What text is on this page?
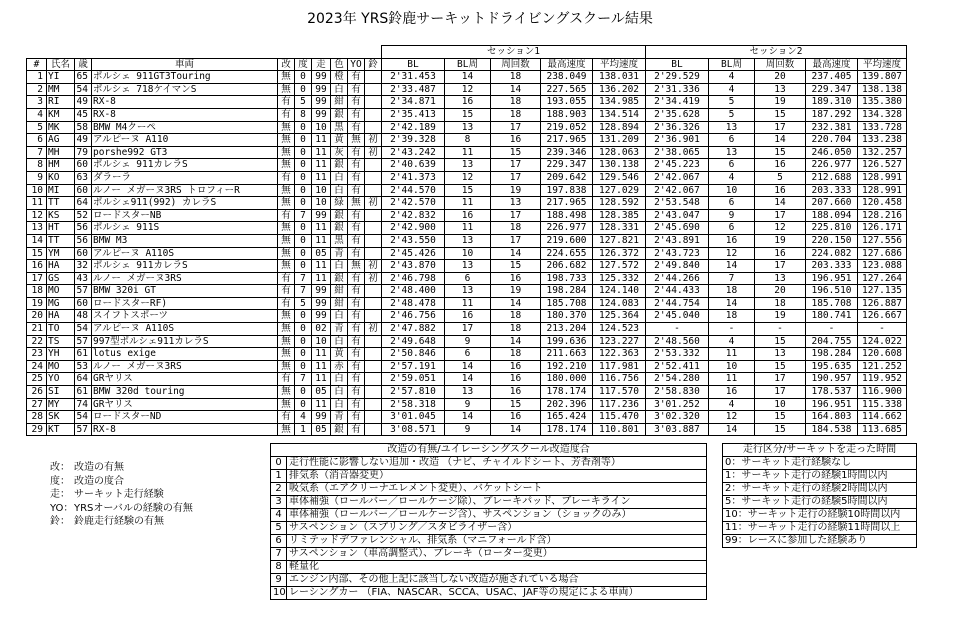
2023年 YRS鈴鹿サーキットドライビングスクール結果
										セッション1					セッション2				
#	氏名	歳	車両	改	度	走	色	YO	鈴	BL	BL周	周回数	最高速度	平均速度	BL	BL周	周回数	最高速度	平均速度
1	YI	65	ポルシェ 911GT3Touring	無	0	99	橙	有		2'31.453	14	18	238.049	138.031	2'29.529	4	20	237.405	139.807
2	MM	54	ポルシェ 718ケイマンS	無	0	99	白	有		2'33.487	12	14	227.565	136.202	2'31.336	4	13	229.347	138.138
3	RI	49	RX-8	有	5	99	紺	有		2'34.871	16	18	193.055	134.985	2'34.419	5	19	189.310	135.380
4	KM	45	RX-8	有	8	99	銀	有		2'35.413	15	18	188.903	134.514	2'35.628	5	15	187.292	134.328
5	MK	58	BMW M4クーペ	無	0	10	黒	有		2'42.189	13	17	219.052	128.894	2'36.326	13	17	232.381	133.728
6	AG	49	アルピーヌ A110	無	0	11	黄	無	初	2'39.328	8	16	217.965	131.209	2'36.901	6	14	220.704	133.238
7	MH	79	porshe992 GT3	無	0	11	灰	有	初	2'43.242	11	15	239.346	128.063	2'38.065	13	15	246.050	132.257
8	HM	60	ポルシェ 911カレラS	無	0	11	銀	有		2'40.639	13	17	229.347	130.138	2'45.223	6	16	226.977	126.527
9	KO	63	ダラーラ	有	0	11	白	有		2'41.373	12	17	209.642	129.546	2'42.067	4	5	212.688	128.991
10	MI	60	ルノー メガーヌ3RS トロフィーR	無	0	10	白	有		2'44.570	15	19	197.838	127.029	2'42.067	10	16	203.333	128.991
11	TT	64	ポルシェ911(992) カレラS	無	0	10	緑	無	初	2'42.570	11	13	217.965	128.592	2'53.548	6	14	207.660	120.458
12	KS	52	ロードスターNB	有	7	99	銀	有		2'42.832	16	17	188.498	128.385	2'43.047	9	17	188.094	128.216
13	HT	56	ポルシェ 911S	無	0	11	銀	有		2'42.900	11	18	226.977	128.331	2'45.690	6	12	225.810	126.171
14	TT	56	BMW M3	無	0	11	黒	有		2'43.550	13	17	219.600	127.821	2'43.891	16	19	220.150	127.556
15	YM	60	アルピーヌ A110S	無	0	05	青	有		2'45.426	10	14	224.655	126.372	2'43.723	12	16	224.082	127.686
16	HA	32	ポルシェ 911カレラS	無	0	11	白	無	初	2'43.870	13	15	206.682	127.572	2'49.840	14	17	203.333	123.088
17	GS	43	ルノー メガーヌ3RS	有	7	11	銀	有	初	2'46.798	6	16	198.733	125.332	2'44.266	7	13	196.951	127.264
18	MO	57	BMW 320i GT	有	7	99	紺	有		2'48.400	13	19	198.284	124.140	2'44.433	18	20	196.510	127.135
19	MG	60	ロードスターRF)	有	5	99	紺	有		2'48.478	11	14	185.708	124.083	2'44.754	14	18	185.708	126.887
20	HA	48	スイフトスポーツ	無	0	99	白	有		2'46.756	16	18	180.370	125.364	2'45.040	18	19	180.741	126.667
21	TO	54	アルピーヌ A110S	無	0	02	青	有	初	2'47.882	17	18	213.204	124.523	-	-	-	-	-
22	TS	57	997型ポルシェ911カレラS	無	0	10	白	有		2'49.648	9	14	199.636	123.227	2'48.560	4	15	204.755	124.022
23	YH	61	lotus exige	無	0	11	黄	有		2'50.846	6	18	211.663	122.363	2'53.332	11	13	198.284	120.608
24	MO	53	ルノー メガーヌ3RS	無	0	11	赤	有		2'57.191	14	16	192.210	117.981	2'52.411	10	15	195.635	121.252
25	YO	64	GRヤリス	有	7	11	白	有		2'59.051	14	16	180.000	116.756	2'54.280	11	17	190.957	119.952
26	SI	61	BMW 320d touring	無	0	05	白	有		2'57.810	13	16	178.174	117.570	2'58.830	16	17	178.537	116.900
27	MY	74	GRヤリス	無	0	11	白	有		2'58.318	9	15	202.396	117.236	3'01.252	4	10	196.951	115.338
28	SK	54	ロードスターND	有	4	99	青	有		3'01.045	14	16	165.424	115.470	3'02.320	12	15	164.803	114.662
29	KT	57	RX-8	無	1	05	銀	有		3'08.571	9	14	178.174	110.801	3'03.887	14	15	184.538	113.685
改： 改造の有無
度： 改造の度合
走： サーキット走行経験
YO：YRSオーバルの経験の有無
鈴： 鈴鹿走行経験の有無
改造の有無/ユイレーシングスクール改造度合	
0	走行性能に影響しない追加・改造 （ナビ、チャイルドシート、芳香剤等）
1	排気系（消音器変更）
2	吸気系（エアクリーナエレメント変更）、バケットシート
3	車体補強（ロールバー／ロールケージ除）、ブレーキパッド、ブレーキライン
4	車体補強（ロールバー／ロールケージ含）、サスペンション（ショックのみ）
5	サスペンション（スプリング／スタビライザー含）
6	リミテッドデファレンシャル、排気系（マニフォールド含）
7	サスペンション（車高調整式）、ブレーキ（ローター変更）
8	軽量化
9	エンジン内部、その他上記に該当しない改造が施されている場合
10	レーシングカー （FIA、NASCAR、SCCA、USAC、JAF等の規定による車両）
走行区分/サーキットを走った時間
0：サーキット走行経験なし
1：サーキット走行の経験1時間以内
2：サーキット走行の経験2時間以内
5：サーキット走行の経験5時間以内
10：サーキット走行の経験10時間以内
11：サーキット走行の経験11時間以上
99：レースに参加した経験あり
